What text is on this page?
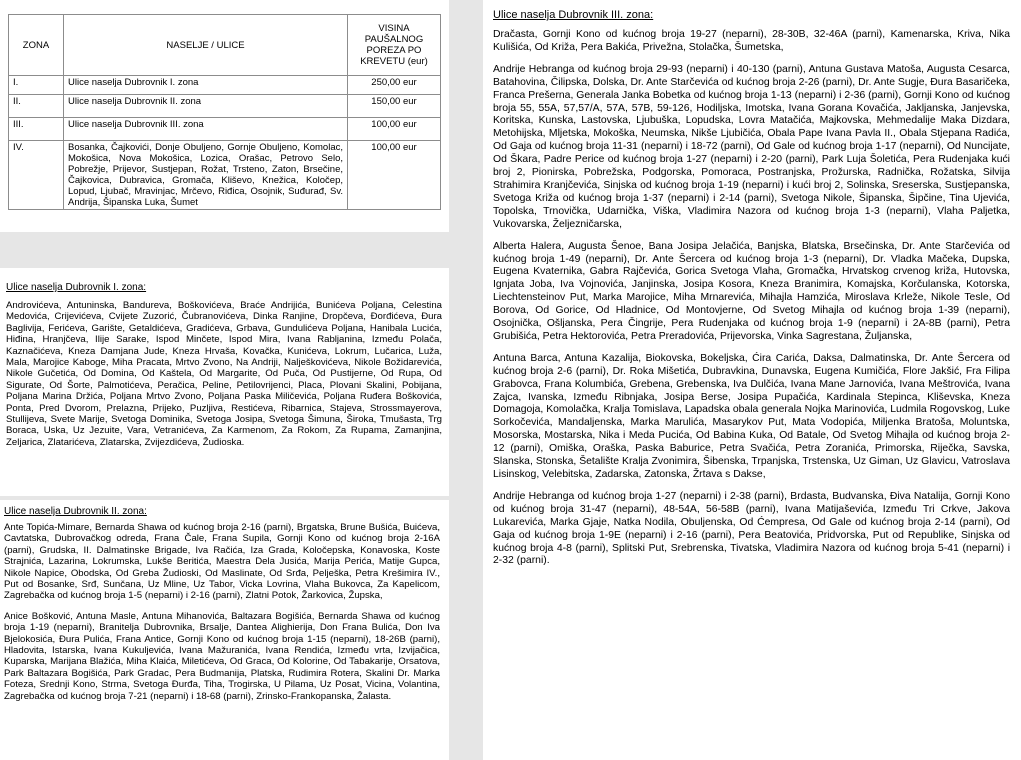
ZONA	NASELJE / ULICE	VISINA PAUŠALNOG POREZA PO KREVETU (eur)
I.	Ulice naselja Dubrovnik I. zona	250,00 eur
II.	Ulice naselja Dubrovnik II. zona	150,00 eur
III.	Ulice naselja Dubrovnik III. zona	100,00 eur
IV.	Bosanka, Čajkovići, Donje Obuljeno, Gornje Obuljeno, Komolac, Mokošica, Nova Mokošica, Lozica, Orašac, Petrovo Selo, Pobrežje, Prijevor, Sustjepan, Rožat, Trsteno, Zaton, Brsečine, Čajkovica, Dubravica, Gromača, Kliševo, Knežica, Koločep, Lopud, Ljubač, Mravinjac, Mrčevo, Riđica, Osojnik, Suđurađ, Sv. Andrija, Šipanska Luka, Šumet	100,00 eur

Ulice naselja Dubrovnik I. zona:

Androvićeva, Antuninska, Bandureva, Boškovićeva, Braće Andrijića, Bunićeva Poljana, Celestina Medovića, Crijevićeva, Cvijete Zuzorić, Čubranovićeva, Dinka Ranjine, Dropčeva, Đorđićeva, Đura Baglivija, Ferićeva, Garište, Getaldićeva, Gradićeva, Grbava, Gundulićeva Poljana, Hanibala Lucića, Hiđina, Hranjčeva, Ilije Sarake, Ispod Minčete, Ispod Mira, Ivana Rabljanina, Između Polača, Kaznačićeva, Kneza Damjana Jude, Kneza Hrvaša, Kovačka, Kunićeva, Lokrum, Lučarica, Luža, Mala, Marojice Kaboge, Miha Pracata, Mrtvo Zvono, Na Andriji, Nalješkovićeva, Nikole Božidarevića, Nikole Gučetića, Od Domina, Od Kaštela, Od Margarite, Od Puča, Od Pustijerne, Od Rupa, Od Sigurate, Od Šorte, Palmotićeva, Peračica, Peline, Petilovrijenci, Placa, Plovani Skalini, Pobijana, Poljana Marina Držića, Poljana Mrtvo Zvono, Poljana Paska Miličevića, Poljana Ruđera Boškovića, Ponta, Pred Dvorom, Prelazna, Prijeko, Puzljiva, Restićeva, Ribarnica, Stajeva, Strossmayerova, Stullijeva, Svete Marije, Svetoga Dominika, Svetoga Josipa, Svetoga Šimuna, Široka, Tmušasta, Trg Boraca, Uska, Uz Jezuite, Vara, Vetranićeva, Za Karmenom, Za Rokom, Za Rupama, Zamanjina, Zeljarica, Zlatarićeva, Zlatarska, Zvijezdićeva, Žudioska.

Ulice naselja Dubrovnik II. zona:

Ante Topića-Mimare, Bernarda Shawa od kućnog broja 2-16 (parni), Brgatska, Brune Bušića, Buićeva, Cavtatska, Dubrovačkog odreda, Frana Čale, Frana Supila, Gornji Kono od kućnog broja 2-16A (parni), Grudska, II. Dalmatinske Brigade, Iva Račića, Iza Grada, Koločepska, Konavoska, Koste Strajnića, Lazarina, Lokrumska, Lukše Beritića, Maestra Dela Jusića, Marija Perića, Matije Gupca, Nikole Napice, Obodska, Od Greba Žudioski, Od Maslinate, Od Srđa, Pelješka, Petra Krešimira IV., Put od Bosanke, Srđ, Sunčana, Uz Mline, Uz Tabor, Vicka Lovrina, Vlaha Bukovca, Za Kapelicom, Zagrebačka od kućnog broja 1-5 (neparni) i 2-16 (parni), Zlatni Potok, Žarkovica, Župska,

Anice Bošković, Antuna Masle, Antuna Mihanovića, Baltazara Bogišića, Bernarda Shawa od kućnog broja 1-19 (neparni), Branitelja Dubrovnika, Brsalje, Dantea Alighierija, Don Frana Bulića, Don Iva Bjelokosića, Đura Pulića, Frana Antice, Gornji Kono od kućnog broja 1-15 (neparni), 18-26B (parni), Hladovita, Istarska, Ivana Kukuljevića, Ivana Mažuranića, Ivana Rendića, Između vrta, Izvijačica, Kuparska, Marijana Blažića, Miha Klaića, Miletićeva, Od Graca, Od Kolorine, Od Tabakarije, Orsatova, Park Baltazara Bogišića, Park Gradac, Pera Budmanija, Platska, Rudimira Rotera, Skalini Dr. Marka Foteza, Srednji Kono, Strma, Svetoga Đurđa, Tiha, Trogirska, U Pilama, Uz Posat, Vicina, Volantina, Zagrebačka od kućnog broja 7-21 (neparni) i 18-68 (parni), Zrinsko-Frankopanska, Žalasta.

Ulice naselja Dubrovnik III. zona:

Dračasta, Gornji Kono od kućnog broja 19-27 (neparni), 28-30B, 32-46A (parni), Kamenarska, Kriva, Nika Kulišića, Od Križa, Pera Bakića, Privežna, Stolačka, Šumetska,

Andrije Hebranga od kućnog broja 29-93 (neparni) i 40-130 (parni), Antuna Gustava Matoša, Augusta Cesarca, Batahovina, Čilipska, Dolska, Dr. Ante Starčevića od kućnog broja 2-26 (parni), Dr. Ante Sugje, Đura Basaričeka, Franca Prešerna, Generala Janka Bobetka od kućnog broja 1-13 (neparni) i 2-36 (parni), Gornji Kono od kućnog broja 55, 55A, 57,57/A, 57A, 57B, 59-126, Hodiljska, Imotska, Ivana Gorana Kovačića, Jakljanska, Janjevska, Koritska, Kunska, Lastovska, Ljubuška, Lopudska, Lovra Matačića, Majkovska, Mehmedalije Maka Dizdara, Metohijska, Mljetska, Mokoška, Neumska, Nikše Ljubičića, Obala Pape Ivana Pavla II., Obala Stjepana Radića, Od Gaja od kućnog broja 11-31 (neparni) i 18-72 (parni), Od Gale od kućnog broja 1-17 (neparni), Od Nuncijate, Od Škara, Padre Perice od kućnog broja 1-27 (neparni) i 2-20 (parni), Park Luja Šoletića, Pera Rudenjaka kući broj 2, Pionirska, Pobrežska, Podgorska, Pomoraca, Postranjska, Prožurska, Radnička, Rožatska, Silvija Strahimira Kranjčevića, Sinjska od kućnog broja 1-19 (neparni) i kući broj 2, Solinska, Sreserska, Sustjepanska, Svetoga Križa od kućnog broja 1-37 (neparni) i 2-14 (parni), Svetoga Nikole, Šipanska, Šipčine, Tina Ujevića, Topolska, Trnovička, Udarnička, Viška, Vladimira Nazora od kućnog broja 1-3 (neparni), Vlaha Paljetka, Vukovarska, Željezničarska,

Alberta Halera, Augusta Šenoe, Bana Josipa Jelačića, Banjska, Blatska, Brsečinska, Dr. Ante Starčevića od kućnog broja 1-49 (neparni), Dr. Ante Šercera od kućnog broja 1-3 (neparni), Dr. Vladka Mačeka, Dupska, Eugena Kvaternika, Gabra Rajčevića, Gorica Svetoga Vlaha, Gromačka, Hrvatskog crvenog križa, Hutovska, Ignjata Joba, Iva Vojnovića, Janjinska, Josipa Kosora, Kneza Branimira, Komajska, Korčulanska, Kotorska, Liechtensteinov Put, Marka Marojice, Miha Mrnarevića, Mihajla Hamzića, Miroslava Krleže, Nikole Tesle, Od Borova, Od Gorice, Od Hladnice, Od Montovjerne, Od Svetog Mihajla od kućnog broja 1-39 (neparni), Osojnička, Ošljanska, Pera Čingrije, Pera Rudenjaka od kućnog broja 1-9 (neparni) i 2A-8B (parni), Petra Grubišića, Petra Hektorovića, Petra Preradovića, Prijevorska, Vinka Sagrestana, Žuljanska,

Antuna Barca, Antuna Kazalija, Biokovska, Bokeljska, Ćira Carića, Daksa, Dalmatinska, Dr. Ante Šercera od kućnog broja 2-6 (parni), Dr. Roka Mišetića, Dubravkina, Dunavska, Eugena Kumičića, Flore Jakšić, Fra Filipa Grabovca, Frana Kolumbića, Grebena, Grebenska, Iva Dulčića, Ivana Mane Jarnovića, Ivana Meštrovića, Ivana Zajca, Ivanska, Između Ribnjaka, Josipa Berse, Josipa Pupačića, Kardinala Stepinca, Kliševska, Kneza Domagoja, Komolačka, Kralja Tomislava, Lapadska obala generala Nojka Marinovića, Ludmila Rogovskog, Luke Sorkočevića, Mandaljenska, Marka Marulića, Masarykov Put, Mata Vodopića, Miljenka Bratoša, Moluntska, Mosorska, Mostarska, Nika i Meda Pucića, Od Babina Kuka, Od Batale, Od Svetog Mihajla od kućnog broja 2-12 (parni), Omiška, Oraška, Paska Baburice, Petra Svačića, Petra Zoranića, Primorska, Riječka, Savska, Slanska, Stonska, Šetalište Kralja Zvonimira, Šibenska, Trpanjska, Trstenska, Uz Giman, Uz Glavicu, Vatroslava Lisinskog, Velebitska, Zadarska, Zatonska, Žrtava s Dakse,

Andrije Hebranga od kućnog broja 1-27 (neparni) i 2-38 (parni), Brdasta, Budvanska, Điva Natalija, Gornji Kono od kućnog broja 31-47 (neparni), 48-54A, 56-58B (parni), Ivana Matijaševića, Između Tri Crkve, Jakova Lukarevića, Marka Gjaje, Natka Nodila, Obuljenska, Od Ćempresa, Od Gale od kućnog broja 2-14 (parni), Od Gaja od kućnog broja 1-9E (neparni) i 2-16 (parni), Pera Beatovića, Pridvorska, Put od Republike, Sinjska od kućnog broja 4-8 (parni), Splitski Put, Srebrenska, Tivatska, Vladimira Nazora od kućnog broja 5-41 (neparni) i 2-32 (parni).
